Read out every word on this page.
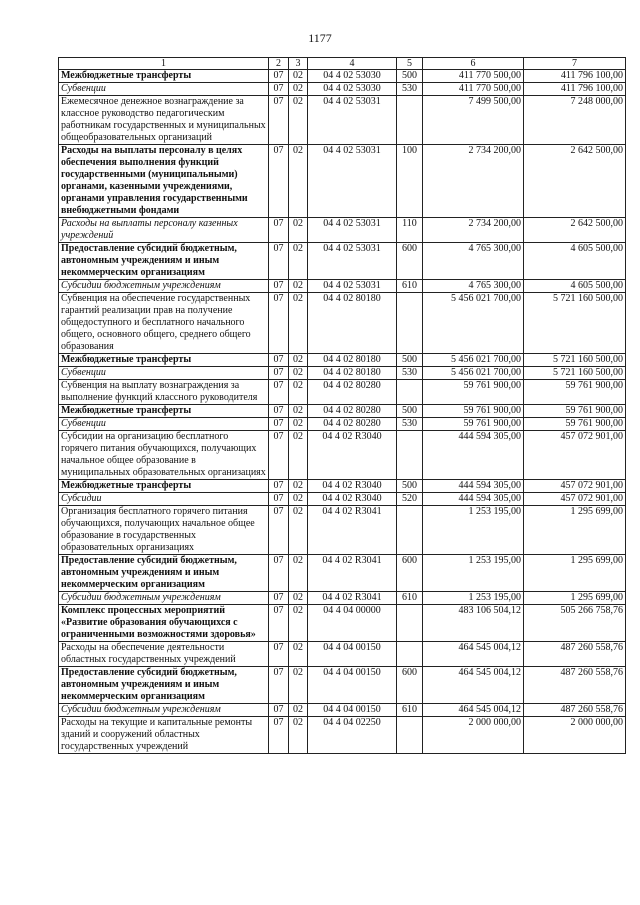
1177
1	2	3	4	5	6	7
Межбюджетные трансферты	07	02	04 4 02 53030	500	411 770 500,00	411 796 100,00
Субвенции	07	02	04 4 02 53030	530	411 770 500,00	411 796 100,00
Ежемесячное денежное вознаграждение за классное руководство педагогическим работникам государственных и муниципальных общеобразовательных организаций	07	02	04 4 02 53031		7 499 500,00	7 248 000,00
Расходы на выплаты персоналу в целях обеспечения выполнения функций государственными (муниципальными) органами, казенными учреждениями, органами управления государственными внебюджетными фондами	07	02	04 4 02 53031	100	2 734 200,00	2 642 500,00
Расходы на выплаты персоналу казенных учреждений	07	02	04 4 02 53031	110	2 734 200,00	2 642 500,00
Предоставление субсидий бюджетным, автономным учреждениям и иным некоммерческим организациям	07	02	04 4 02 53031	600	4 765 300,00	4 605 500,00
Субсидии бюджетным учреждениям	07	02	04 4 02 53031	610	4 765 300,00	4 605 500,00
Субвенция на обеспечение государственных гарантий реализации прав на получение общедоступного и бесплатного начального общего, основного общего, среднего общего образования	07	02	04 4 02 80180		5 456 021 700,00	5 721 160 500,00
Межбюджетные трансферты	07	02	04 4 02 80180	500	5 456 021 700,00	5 721 160 500,00
Субвенции	07	02	04 4 02 80180	530	5 456 021 700,00	5 721 160 500,00
Субвенция на выплату вознаграждения за выполнение функций классного руководителя	07	02	04 4 02 80280		59 761 900,00	59 761 900,00
Межбюджетные трансферты	07	02	04 4 02 80280	500	59 761 900,00	59 761 900,00
Субвенции	07	02	04 4 02 80280	530	59 761 900,00	59 761 900,00
Субсидии на организацию бесплатного горячего питания обучающихся, получающих начальное общее образование в муниципальных образовательных организациях	07	02	04 4 02 R3040		444 594 305,00	457 072 901,00
Межбюджетные трансферты	07	02	04 4 02 R3040	500	444 594 305,00	457 072 901,00
Субсидии	07	02	04 4 02 R3040	520	444 594 305,00	457 072 901,00
Организация бесплатного горячего питания обучающихся, получающих начальное общее образование в государственных образовательных организациях	07	02	04 4 02 R3041		1 253 195,00	1 295 699,00
Предоставление субсидий бюджетным, автономным учреждениям и иным некоммерческим организациям	07	02	04 4 02 R3041	600	1 253 195,00	1 295 699,00
Субсидии бюджетным учреждениям	07	02	04 4 02 R3041	610	1 253 195,00	1 295 699,00
Комплекс процессных мероприятий «Развитие образования обучающихся с ограниченными возможностями здоровья»	07	02	04 4 04 00000		483 106 504,12	505 266 758,76
Расходы на обеспечение деятельности областных государственных учреждений	07	02	04 4 04 00150		464 545 004,12	487 260 558,76
Предоставление субсидий бюджетным, автономным учреждениям и иным некоммерческим организациям	07	02	04 4 04 00150	600	464 545 004,12	487 260 558,76
Субсидии бюджетным учреждениям	07	02	04 4 04 00150	610	464 545 004,12	487 260 558,76
Расходы на текущие и капитальные ремонты зданий и сооружений областных государственных учреждений	07	02	04 4 04 02250		2 000 000,00	2 000 000,00
